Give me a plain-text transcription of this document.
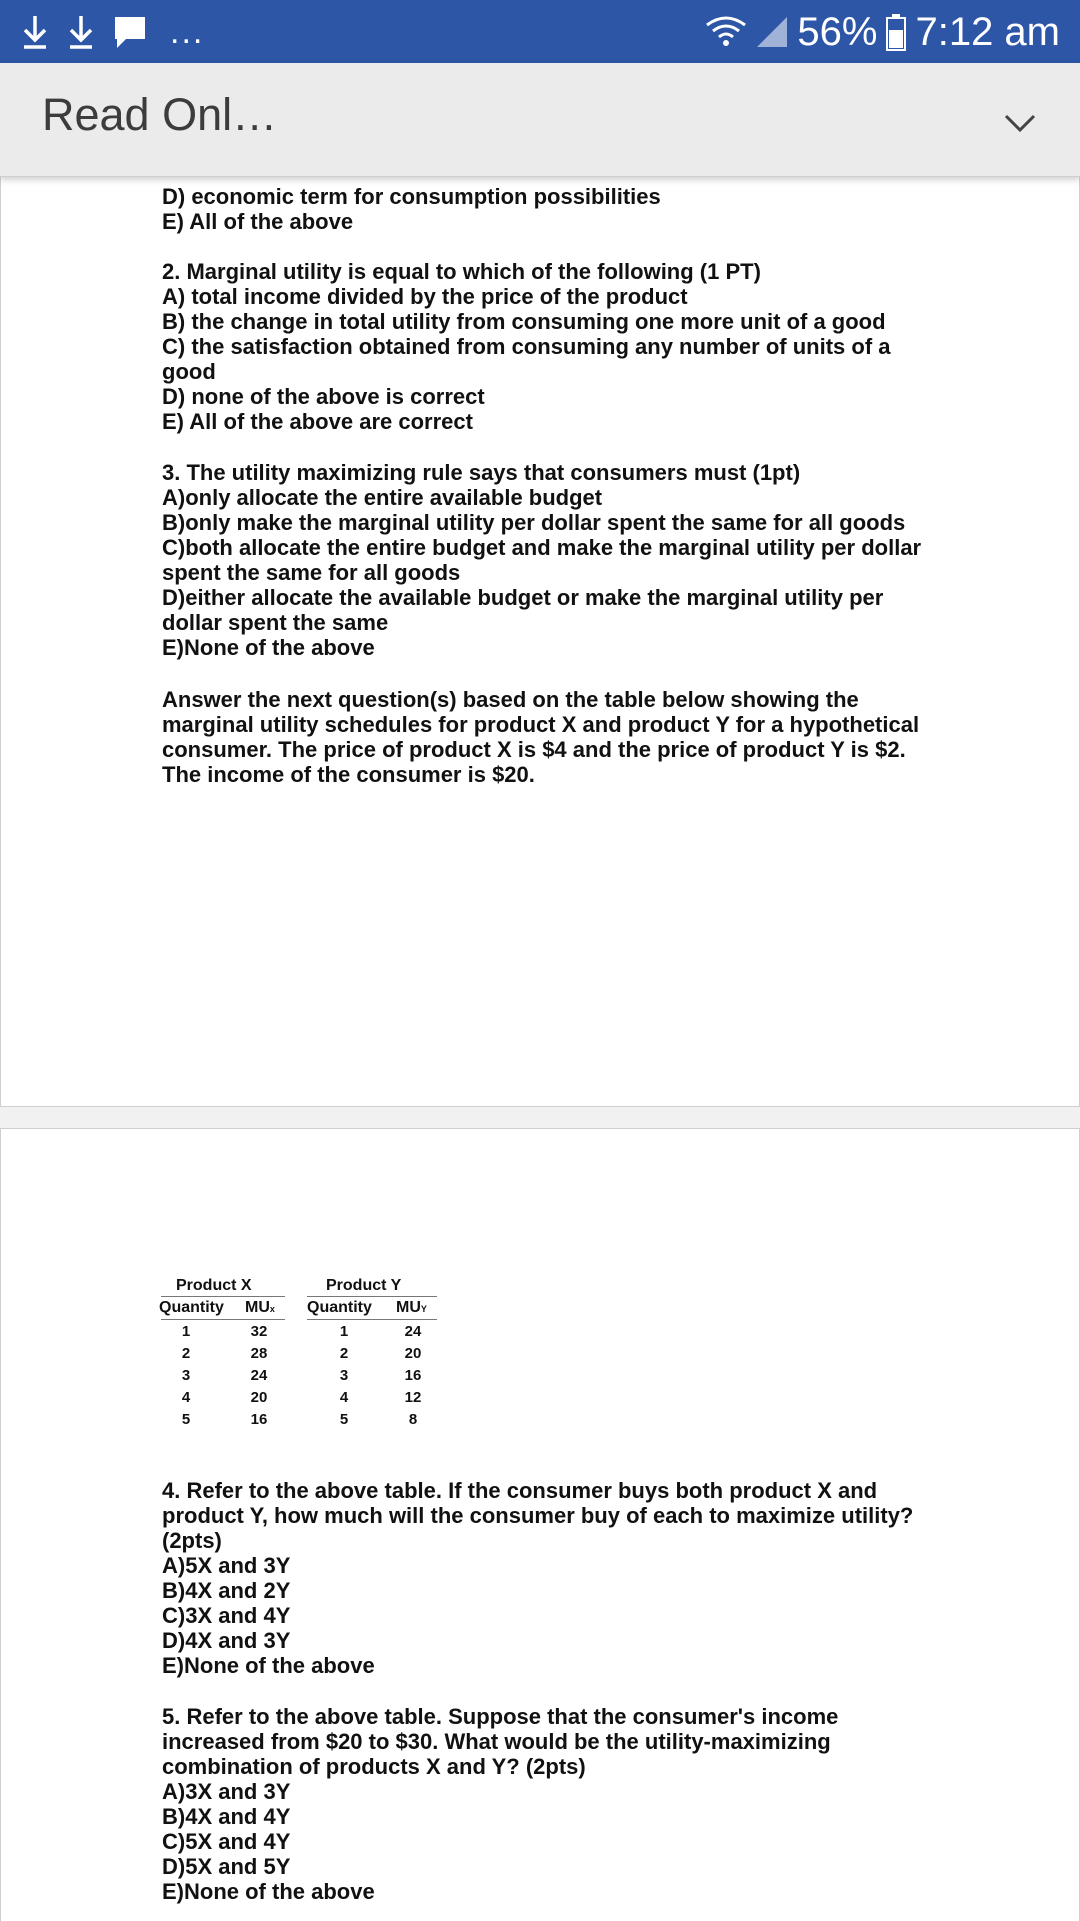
...	56% 7:12 am
Read Onl…

D) economic term for consumption possibilities

E) All of the above

2. Marginal utility is equal to which of the following (1 PT)

A) total income divided by the price of the product

B) the change in total utility from consuming one more unit of a good

C) the satisfaction obtained from consuming any number of units of a good

D) none of the above is correct

E) All of the above are correct

3. The utility maximizing rule says that consumers must (1pt)

A)only allocate the entire available budget

B)only make the marginal utility per dollar spent the same for all goods

C)both allocate the entire budget and make the marginal utility per dollar spent the same for all goods

D)either allocate the available budget or make the marginal utility per dollar spent the same

E)None of the above

Answer the next question(s) based on the table below showing the marginal utility schedules for product X and product Y for a hypothetical consumer. The price of product X is $4 and the price of product Y is $2. The income of the consumer is $20.

Product X	Product Y
Quantity MUx Quantity MUY
1
2
3
4
5
32
28
24
20
16
1
2
3
4
5
24
20
16
12
8

4. Refer to the above table. If the consumer buys both product X and product Y, how much will the consumer buy of each to maximize utility? (2pts)

A)5X and 3Y

B)4X and 2Y

C)3X and 4Y

D)4X and 3Y

E)None of the above

5. Refer to the above table. Suppose that the consumer's income increased from $20 to $30. What would be the utility-maximizing combination of products X and Y? (2pts)

A)3X and 3Y

B)4X and 4Y

C)5X and 4Y

D)5X and 5Y

E)None of the above
